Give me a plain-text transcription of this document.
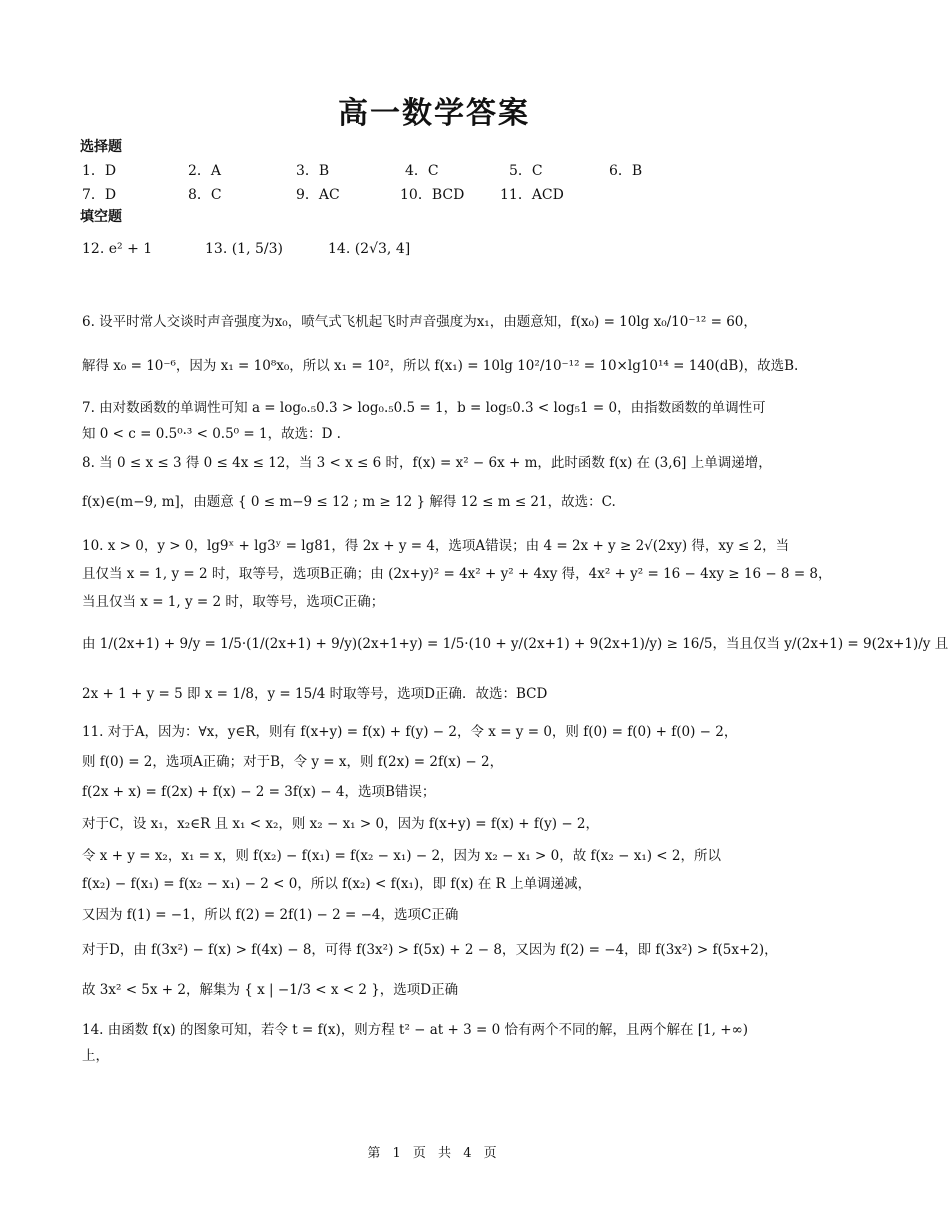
高一数学答案
选择题
1．D	2．A	3．B	4．C	5．C	6．B
7．D	8．C	9．AC	10．BCD	11．ACD
填空题
12. e² + 1	13. (1, 5/3)	14. (2√3, 4]
6. 设平时常人交谈时声音强度为x₀，喷气式飞机起飞时声音强度为x₁，由题意知，f(x₀) = 10lg x₀/10⁻¹² = 60，
解得 x₀ = 10⁻⁶，因为 x₁ = 10⁸x₀，所以 x₁ = 10²，所以 f(x₁) = 10lg 10²/10⁻¹² = 10×lg10¹⁴ = 140(dB)，故选B.
7. 由对数函数的单调性可知 a = log₀.₅0.3 > log₀.₅0.5 = 1，b = log₅0.3 < log₅1 = 0，由指数函数的单调性可
知 0 < c = 0.5⁰·³ < 0.5⁰ = 1，故选：D .
8. 当 0 ≤ x ≤ 3 得 0 ≤ 4x ≤ 12，当 3 < x ≤ 6 时，f(x) = x² − 6x + m，此时函数 f(x) 在 (3,6] 上单调递增，
f(x)∈(m−9, m]，由题意 { 0 ≤ m−9 ≤ 12 ; m ≥ 12 } 解得 12 ≤ m ≤ 21，故选：C.
10. x > 0，y > 0，lg9ˣ + lg3ʸ = lg81，得 2x + y = 4，选项A错误；由 4 = 2x + y ≥ 2√(2xy) 得，xy ≤ 2，当
且仅当 x = 1, y = 2 时，取等号，选项B正确；由 (2x+y)² = 4x² + y² + 4xy 得，4x² + y² = 16 − 4xy ≥ 16 − 8 = 8，
当且仅当 x = 1, y = 2 时，取等号，选项C正确；
由 1/(2x+1) + 9/y = 1/5·(1/(2x+1) + 9/y)(2x+1+y) = 1/5·(10 + y/(2x+1) + 9(2x+1)/y) ≥ 16/5，当且仅当 y/(2x+1) = 9(2x+1)/y 且
2x + 1 + y = 5 即 x = 1/8，y = 15/4 时取等号，选项D正确．故选：BCD
11. 对于A，因为：∀x，y∈R，则有 f(x+y) = f(x) + f(y) − 2，令 x = y = 0，则 f(0) = f(0) + f(0) − 2，
则 f(0) = 2，选项A正确；对于B，令 y = x，则 f(2x) = 2f(x) − 2，
f(2x + x) = f(2x) + f(x) − 2 = 3f(x) − 4，选项B错误；
对于C，设 x₁，x₂∈R 且 x₁ < x₂，则 x₂ − x₁ > 0，因为 f(x+y) = f(x) + f(y) − 2，
令 x + y = x₂，x₁ = x，则 f(x₂) − f(x₁) = f(x₂ − x₁) − 2，因为 x₂ − x₁ > 0，故 f(x₂ − x₁) < 2，所以
f(x₂) − f(x₁) = f(x₂ − x₁) − 2 < 0，所以 f(x₂) < f(x₁)，即 f(x) 在 R 上单调递减，
又因为 f(1) = −1，所以 f(2) = 2f(1) − 2 = −4，选项C正确
对于D，由 f(3x²) − f(x) > f(4x) − 8，可得 f(3x²) > f(5x) + 2 − 8，又因为 f(2) = −4，即 f(3x²) > f(5x+2)，
故 3x² < 5x + 2，解集为 { x | −1/3 < x < 2 }，选项D正确
14. 由函数 f(x) 的图象可知，若令 t = f(x)，则方程 t² − at + 3 = 0 恰有两个不同的解，且两个解在 [1, +∞)
上，
第 1 页 共 4 页
